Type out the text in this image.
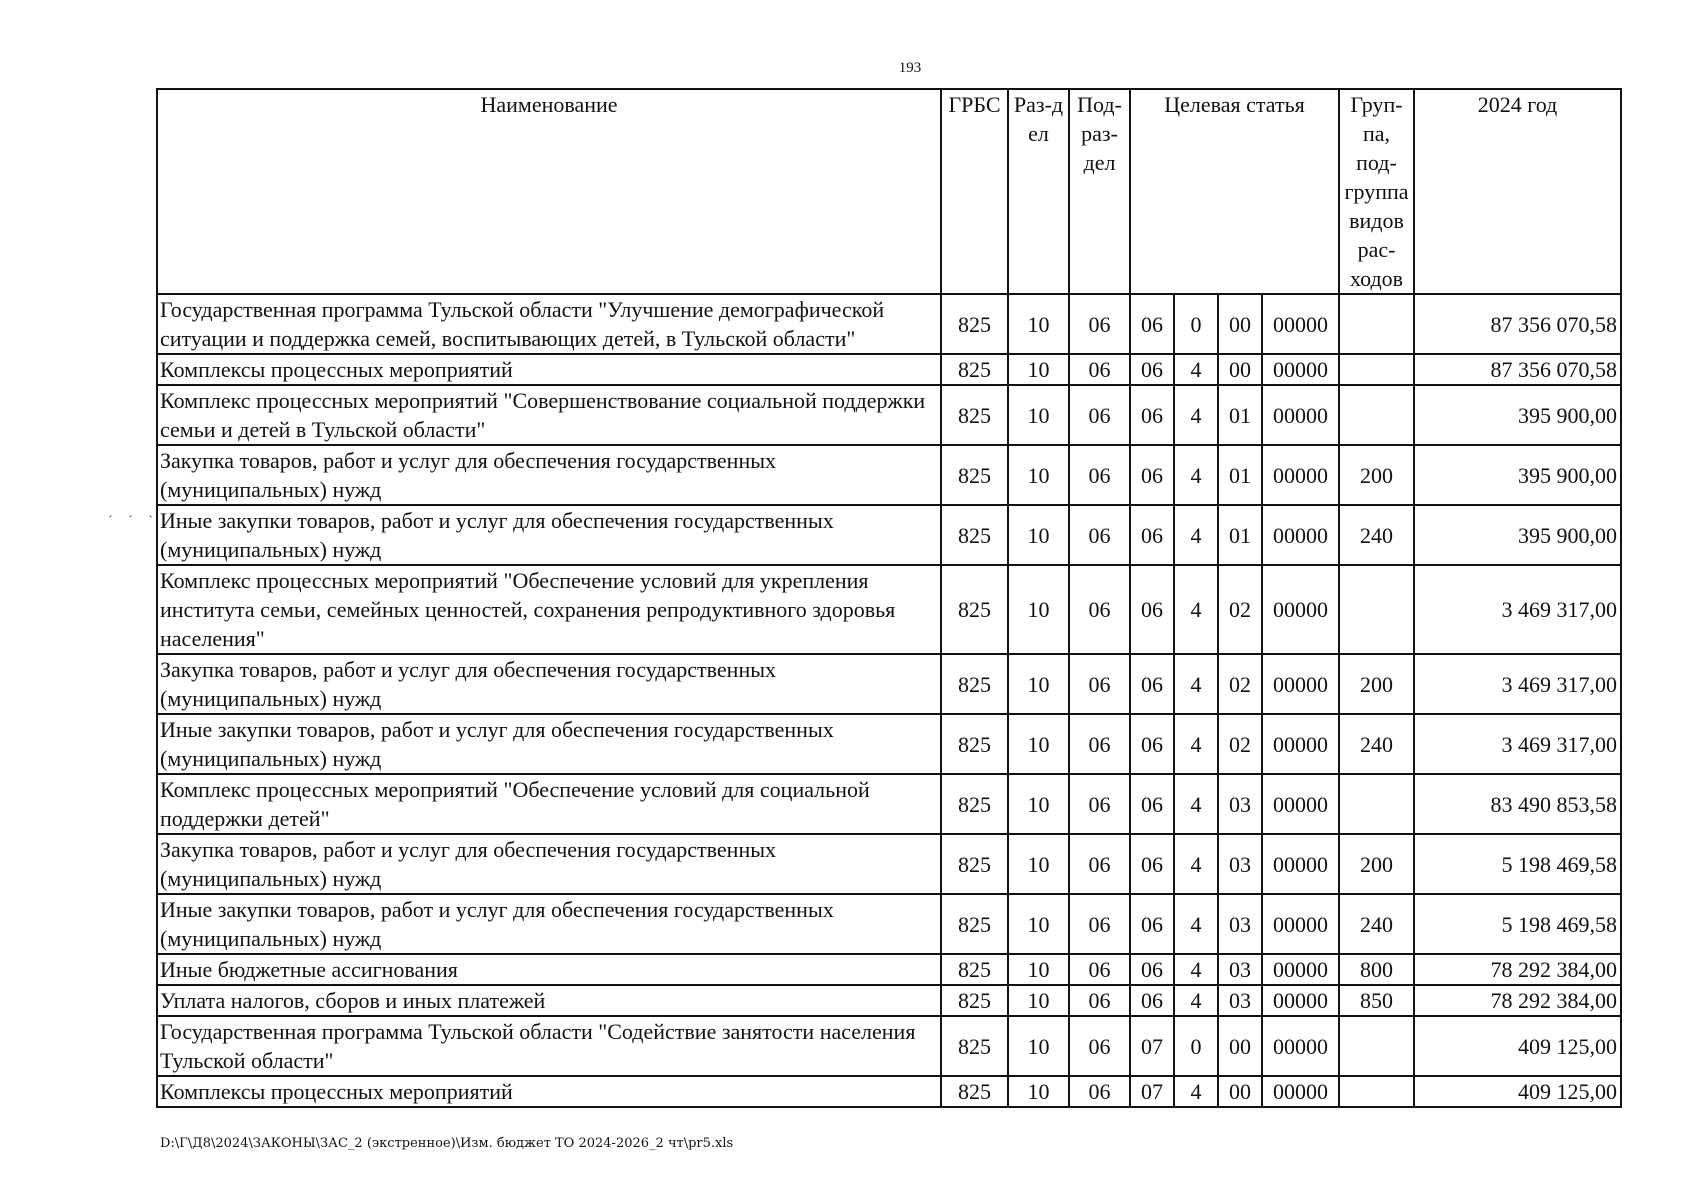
193
´ ´ `
Наименование	ГРБС	Раз-дел	Под-раз-дел	Целевая статья				Груп-па, под-группа видов рас-ходов	2024 год
Государственная программа Тульской области "Улучшение демографической ситуации и поддержка семей, воспитывающих детей, в Тульской области"	825	10	06	06	0	00	00000		87 356 070,58
Комплексы процессных мероприятий	825	10	06	06	4	00	00000		87 356 070,58
Комплекс процессных мероприятий "Совершенствование социальной поддержки семьи и детей в Тульской области"	825	10	06	06	4	01	00000		395 900,00
Закупка товаров, работ и услуг для обеспечения государственных (муниципальных) нужд	825	10	06	06	4	01	00000	200	395 900,00
Иные закупки товаров, работ и услуг для обеспечения государственных (муниципальных) нужд	825	10	06	06	4	01	00000	240	395 900,00
Комплекс процессных мероприятий "Обеспечение условий для укрепления института семьи, семейных ценностей, сохранения репродуктивного здоровья населения"	825	10	06	06	4	02	00000		3 469 317,00
Закупка товаров, работ и услуг для обеспечения государственных (муниципальных) нужд	825	10	06	06	4	02	00000	200	3 469 317,00
Иные закупки товаров, работ и услуг для обеспечения государственных (муниципальных) нужд	825	10	06	06	4	02	00000	240	3 469 317,00
Комплекс процессных мероприятий "Обеспечение условий для социальной поддержки детей"	825	10	06	06	4	03	00000		83 490 853,58
Закупка товаров, работ и услуг для обеспечения государственных (муниципальных) нужд	825	10	06	06	4	03	00000	200	5 198 469,58
Иные закупки товаров, работ и услуг для обеспечения государственных (муниципальных) нужд	825	10	06	06	4	03	00000	240	5 198 469,58
Иные бюджетные ассигнования	825	10	06	06	4	03	00000	800	78 292 384,00
Уплата налогов, сборов и иных платежей	825	10	06	06	4	03	00000	850	78 292 384,00
Государственная программа Тульской области "Содействие занятости населения Тульской области"	825	10	06	07	0	00	00000		409 125,00
Комплексы процессных мероприятий	825	10	06	07	4	00	00000		409 125,00
D:\Г\Д8\2024\ЗАКОНЫ\ЗАС_2 (экстренное)\Изм. бюджет ТО 2024-2026_2 чт\pr5.xls
